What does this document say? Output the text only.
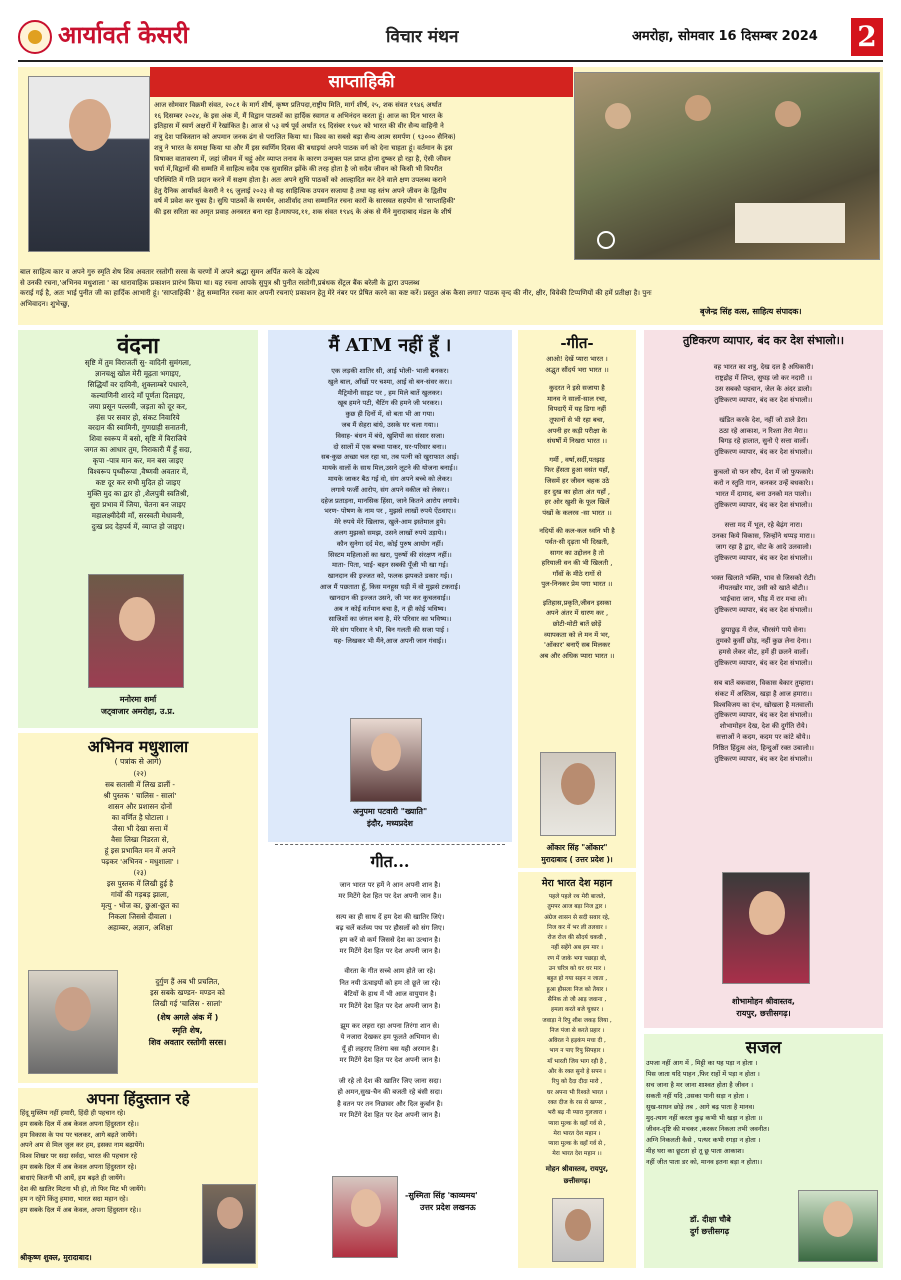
आर्यावर्त केसरी	विचार मंथन	अमरोहा, सोमवार 16 दिसम्बर 2024 2
साप्ताहिकी
आज सोमवार विक्रमी संवत, २०८१ के मार्ग शीर्ष, कृष्ण प्रतिपदा,राष्ट्रीय मिति, मार्ग शीर्ष, २५, शक संवत १९४६ अर्थात
१६ दिसम्बर २०२४, के इस अंक में, मैं विद्वान पाठकों का हार्दिक स्वागत व अभिनंदन करता हूं। आज का दिन भारत के
इतिहास में स्वर्ण अक्षरों में रेखांकित है। आज से ५३ वर्ष पूर्व अर्थात १६ दिसंबर १९७१ को भारत की वीर सैन्य वाहिनी ने
शत्रु देश पाकिस्तान को अपमान जनक ढंग से पराजित किया था। विश्व का सबसे बड़ा सैन्य आत्म समर्पण ( ९३००० सैनिक)
शत्रु ने भारत के समक्ष किया था और मैं इस स्वर्णिम दिवस की बधाइयां अपने पाठक वर्ग को देना चाहता हूं। वर्तमान के इस
विषाक्त वातावरण में, जहां जीवन में चहुं ओर व्याप्त तनाव के कारण उन्मुक्त पल प्राप्त होना दुष्कर हो रहा है, ऐसी जीवन
चर्या में,विद्वानों की सम्मति में साहित्य सदैव एक सुवासित झोंके की तरह होता है जो सदैव जीवन को किसी भी विपरीत
परिस्थिति में गति प्रदान करने में सक्षम होता है। अतः अपने सुधि पाठकों को आल्हादित कर देने वाले क्षण उपलब्ध कराने
हेतु दैनिक आर्यावर्त केसरी ने १६ जुलाई २०२३ से यह साहित्यिक उपवन सजाया है तथा यह स्तंभ अपने जीवन के द्वितीय
वर्ष में प्रवेश कर चुका है। सुधि पाठकों के समर्थन, आशीर्वाद तथा सम्मानित रचना कारों के सारस्वत सहयोग से 'साप्ताहिकी'
की इस सरिता का अमृत प्रवाह अनवरत बना रहा है।माघपद,११, शक संवत १९४६ के अंक से मैंने मुरादाबाद मंडल के शीर्ष
बाल साहित्य कार व अपने गुरु स्मृति शेष शिव अवतार रस्तोगी सरस के चरणों में अपने श्रद्धा सुमन अर्पित करने के उद्देश्य
से उनकी रचना,'अभिनव मधुशाला ' का धारावाहिक प्रकाशन प्रारंभ किया था। यह रचना आपके सुपुत्र श्री पुनीत रस्तोगी,प्रबंधक सेंट्रल बैंक बरेली के द्वारा उपलब्ध
कराई गई है, अतः भाई पुनीत जी का हार्दिक आभारी हूं। 'साप्ताहिकी ' हेतु सम्मानित रचना कार अपनी रचनाएं प्रकाशन हेतु मेरे नंबर पर प्रेषित करने का कष्ट करें। प्रस्तुत अंक कैसा लगा? पाठक वृन्द की नीर, क्षीर, विवेकी टिप्पणियों की हमें प्रतीक्षा है। पुनः
अभिवादन। शुभेच्छु,
बृजेन्द्र सिंह वत्स, साहित्य संपादक।
वंदना
सृष्टि में तुम विराजतीं सु- वादिनी सुमंगला,
ज्ञानचक्षु खोल मेरी मूढ़ता भगाइए,
सिद्धियाँ वर दायिनी, शुक्लाम्बरे पधारने,
कल्याणिनी शारदे माँ पूर्णता दिलाइए,
जया प्रसून पल्लवी, जड़ता को दूर कर,
हंस पर सवार हो, संकट निवारिये
वरदान की स्वामिनी, गुणग्राही सनातनी,
शिवा स्वरूप में बसो, सृष्टि में विराजिये
जगत का आधार तुम, निराकारी मैं हूँ सदा,
कृपा -पात्र मान कर, मन बस जाइए
विश्वरूप पृथ्वीरूपा ,वैष्णवी अवतार में,
कष्ट दूर कर सभी मुदित हो जाइए
मुक्ति मुद का द्वार हो ,शैलपुत्री स्वतिश्री,
सुरा प्रभाव में जिया, चेतना बन जाइए
महालक्ष्मीदेवी मॉं, सरस्वती मेधावनी,
दुःख प्रद देहपर्व में, व्याप्त हो जाइए।
मनोरमा शर्मा
जट्वाजार अमरोहा, उ.प्र.
अभिनव मधुशाला
( पत्रांक से आगे)
(२२)
सब सतासी में लिख डालीं -
श्री पुस्तक ' चालिस - सालां'
शासन और प्रशासन दोनों
का वर्णित है घोटाला ।
जैसा भी देखा सत्ता में
वैसा लिखा निडरता से,
हूं इस प्रभावित मन में अपने
पढ़कर 'अभिनव - मधुशाला' ।
(२३)
इस पुस्तक में लिखी हुई है
गांवों की गड़बड़ झाला,
मृत्यु - भोज का, छुआ-छूत का
निकला जिससे दीवाला ।
अहाम्बर, अज्ञान, अशिक्षा
दुर्गुण हैं अब भी प्रचलित,
इस सबके खण्डन- मण्डन को
लिखी गई 'चालिस - सालां'
(शेष अगले अंक में )
स्मृति शेष,
शिव अवतार रस्तोगी सरस।
अपना हिंदुस्तान रहे
हिंदू मुस्लिम नहीं हमारी, हिंदी ही पहचान रहे।
हम सबके दिल में अब केवल अपना हिंदुस्तान रहे।।
हम विकास के पथ पर चलकर, आगे बढ़ते जायेंगे।
अपने अम से मिल जुल कर हम, इसका नाम बढ़ायेंगे।
विश्व शिखर पर सदा सर्वदा, भारत की पहचान रहे
हम सबके दिल में अब केवल अपना हिंदुस्तान रहे।
बाधाएं कितनी भी आयें, हम बढ़ते ही जायेंगे।
देश की खातिर मिटना भी हो, तो फिर मिट भी जायेंगे।
हम न रहेंगे किंतु हमारा, भारत सदा महान रहे।
हम सबके दिल में अब केवल, अपना हिंदुस्तान रहे।।
श्रीकृष्ण शुक्ल, मुरादाबाद।
मैं ATM नहीं हूँ ।
एक लड़की शातिर सी, आई भोली- भाली बनकर।
खुले बाल, आँखों पर चश्मा, आई वो बन-संवर कर।।
मैट्रिमोनी साइट पर , हम मिले बातें खुलकर।
खूब हमने पटी, चैटिंग की हमने जी भरकर।।
कुछ ही दिनों में, वो बता भी आ गया।
जब मैं सेहरा बांधे, उसके घर चला गया।।
विवाह- बंधन में बंधे, खुशियों का संसार सजा।
दो सालों में एक बच्चा पाकर, घर-परिवार बना।।
सब-कुछ अच्छा चल रहा था, तब पत्नी को खुराफात आई।
मायके वालों के साथ मिल,उसने लूटने की योजना बनाई।।
मायके जाकर बैठ गई वो, संग अपने बच्चे को लेकर।
लगाये फर्जी आरोप, संग अपने वकील को लेकर।।
दहेज प्रताड़ना, मानसिक हिंसा, जाने कितने आरोप लगाये।
भरण- पोषण के नाम पर , मुझसे लाखों रुपये ऐंठवाए।।
मेरे रुपये मेरे खिलाफ, खुले-आम इस्तेमाल हुये।
अलग मुझको समझ, उसने लाखों रुपये उड़ाये।।
कौन सुनेगा दर्द मेरा, कोई पुरुष आयोग नहीं।
सिस्टम महिलाओं का खरा, पुरुषों की संरक्षण नहीं।।
माता- पिता, भाई- बहन सबकी पूँजी भी खा गई।
खानदान की इज्जत को, फलक झपकते डकार गई।।
आज मैं पछताता हूँ, किस मनहूस घड़ी में वो मुझसे टकराई।
खानदान की इज्जत उसने, जी भर कर कुचलवाई।।
अब न कोई वर्तमान बचा है, न ही कोई भविष्य।
साजिशों का जंगल बना है, मेरे परिवार का भविष्य।।
मेरे संग परिवार ने भी, बिन गलती की सजा पाई ।
यह- लिखकर भी मैंने,आज अपनी जान गंवाई।।
अनुपमा पटवारी "ख्याति"
इंदौर, मध्यप्रदेश
गीत...
जान भारत पर हमें ने आन अपनी शान है।
मर मिटेंगे देश हित पर देश अपनी जान है।।
सत्य का ही साथ दें हम देश की खातिर जिएं।
बढ़ चलें कर्तव्य पथ पर हौसलों को संग लिए।
हम करें वो कर्म जिससे देश का उत्थान है।
मर मिटेंगे देश हित पर देश अपनी जान है।
वीरता के गीत सच्चे आम होते जा रहे।
नित नयी ऊंचाइयों को हम तो छूते जा रहे।
बेटियों के हाथ में भी आज वायुयान है।
मर मिटेंगे देश हित पर देश अपनी जान है।
झूम कर लहरा रहा अपना तिरंगा शान से।
ये नजारा देखकर हम फूलते अभिमान से।
यूँ ही लहराए तिरंगा बस यही अरमान है।
मर मिटेंगे देश हित पर देश अपनी जान है।
जी रहे तो देश की खातिर जिए जाना सदा।
हो अमन,सुख-चैन की बजती रहे बंसी सदा।
है वतन पर तन निछावर और दिल कुर्बान है।
मर मिटेंगे देश हित पर देश अपनी जान है।
-सुस्मिता सिंह 'काव्यमय'
उत्तर प्रदेश लखनऊ
-गीत-
आओ! देखें प्यारा भारत ।
अद्भुत सौंदर्य भरा भारत ।।
कुदरत ने इसे सजाया है
मानव ने सालों-साल रचा,
विपदाएँ में यह डिगा नहीं
तूफानों से भी रहा बचा,
अपनी हर कड़ी परीक्षा के
संघर्षों में निखरा भारत ।।
गर्मी , वर्षा,सर्दी,पतझड़
फिर हँसता हुआ वसंत यहाँ,
जिसमें हर जीवन चहक उठे
हर दुख का होता अंत यहाँ ,
हर ओर खुशी के फूल खिलें
पंखों के कलरव -सा भारत ।।
नदियों की कल-कल ध्वनि भी है
पर्वत-सी दृढ़ता भी दिखती,
सागर का उद्दोलन है तो
हरियाली वन की भी खिलती ,
गाँवों के मीठे रागों से
पुल-निनकर प्रेम पगा भारत ।।
इतिहास,प्रकृति,जीवन इसका
अपने अंतर में धारण कर ,
छोटी-मोटी बातें छोड़ें
व्यापकता को ले मन में भर,
'ओंकार' बनाएँ सब मिलकर
अब और अधिक प्यारा भारत ।।
ओंकार सिंह "ओंकार"
मुरादाबाद ( उत्तर प्रदेश )।
मेरा भारत देश महान
पहले पहले रथ मेरी बाजते,
तुमपर आज बड़ा निज द्वार ।
अंग्रेज शासन से सदी सवार रहे,
निज कर में भर ली तलवार ।
रोज रोज की सौदर्य चकवी ,
नहीं सहेंगे अब हम मार ।
रण में जाके भगा पछाड़ा वो,
उन चरित्र को धर धर मार ।
बहुत हो गया सहन न जाता ,
हुआ हौसला निज को तैयार ।
सैनिक तो जौ आड़ जवाना ,
हमला करते बजे चुकार ।
जवाड़ा ने रिपु शीश जकड़ लिया ,
निज पंजा से करते प्रहार ।
अविरल ने हड़कंप मचा दी ,
भाग न पाए रिपु सिपहार ।
माँ भारती जिय भाग रही है ,
और के रक्त सुनो हे सपन ।
रिपु को दैदा दीदा मारो ,
घर अपना भी रिश्वते भारत ।
रक्त दीज के रस से खप्पर ,
भरी बढ़ नी प्यारा गुलजारा ।
प्यारा मुल्क के वहाँ गर्व से ,
मेरा भारत देश महान ।
प्यारा मुल्क के वहाँ गर्व से ,
मेरा भारत देश महान ।।
मोहन श्रीवास्तव, रायपुर,
छत्तीसगढ़।
तुष्टिकरण व्यापार, बंद कर देश संभालो।।
वह भारत का शत्रु, देख दल है अधिकारी।
राष्ट्रद्रोह में लिप्त, सुघड़ जो कर नदारी ।।
उस सबको पहचान, जेल के अंदर डालो।
तुष्टिकरण व्यापार, बंद कर देश संभालो।।
खंडित करके देश, नहीं जो ठाले डेरा।
ठठा रहे आकाश, न रिश्ता तेरा मेरा।।
बिगड़ रहे हालात, सुनो ऐ सत्ता वालों।
तुष्टिकरण व्यापार, बंद कर देश संभालो।।
कुचलो वो फन सौप, देश में जो फुफकारे।
करो न स्तुति गान, कनकर उन्हें बधकारे।।
भारत में दामाद, बना उनको मत पालो।।
तुष्टिकरण व्यापार, बंद कर देश संभालो।।
सत्ता मद में भूल, रहे बेढ़ंग नारा।
उनका किये विकास, जिन्होंने थप्पड़ मारा।।
जाग रहा है द्वार, वोट के आदे उलवालो।
तुष्टिकरण व्यापार, बंद कर देश संभालो।।
भक्त खिलाते भक्ति, भाव से जिसको रोटी।
नीयतखोर मार, उसी को खाते बोटी।।
भाईचारा जान, भीड़ में रार मचा लो।
तुष्टिकरण व्यापार, बंद कर देश संभालो।।
छुपाछुड़ में रोज, चीरसंगे पाये सेना।
तुमको कुर्सी छोड़, नहीं कुछ लेना देना।।
हमसे लेकर वोट, हमें ही छलने वालों।
तुष्टिकरण व्यापार, बंद कर देश संभालो।।
सब बातें बकवास, विकास बेकार तुम्हारा।
संकट में अस्तित्व, खड़ा है आज हमारा।।
विश्वविजय का दंभ, खोखला है मतवालों।
तुष्टिकरण व्यापार, बंद कर देश संभालो।।
शोभामोहन देख, देश की दुर्गति रोये।
सत्ताओं ने कदम, कदम पर कांटे बोये।।
निष्ठित हिंदुत्व अंत, हिन्दुओं रक्त उबालो।।
तुष्टिकरण व्यापार, बंद कर देश संभालो।।
शोभामोहन श्रीवास्तव,
रायपुर, छत्तीसगढ़।
सजल
उपजा नहीं आग में , मिट्टी का यह पड़ा न होता ।
पिस जाता यदि पाहन ,फिर राहों में पड़ा न होता ।
सच जाना है मर जाना शाश्वत होता है जीवन ।
सकती नहीं यदि ,उसका पानी सड़ा न होता ।
सुख-साधन छोड़े तब , आगे बढ़ पाता है मानव।
मुद-त्याग नहीं करता कुढ़ कभी भी खड़ा न होता ।।
जीवन-दृष्टि की मचकर ,करकर निकला तभी जवनीत।
अग्नि निकलती कैसे , पत्थर कभी रगड़ा न होता ।
मीह घरा का छूटता हो तू छू पाता आकाश।
नहीं जीत पाता डर को, मानव इतना बड़ा न होता।।
डॉ. दीक्षा चौबे
दुर्ग छत्तीसगढ़
